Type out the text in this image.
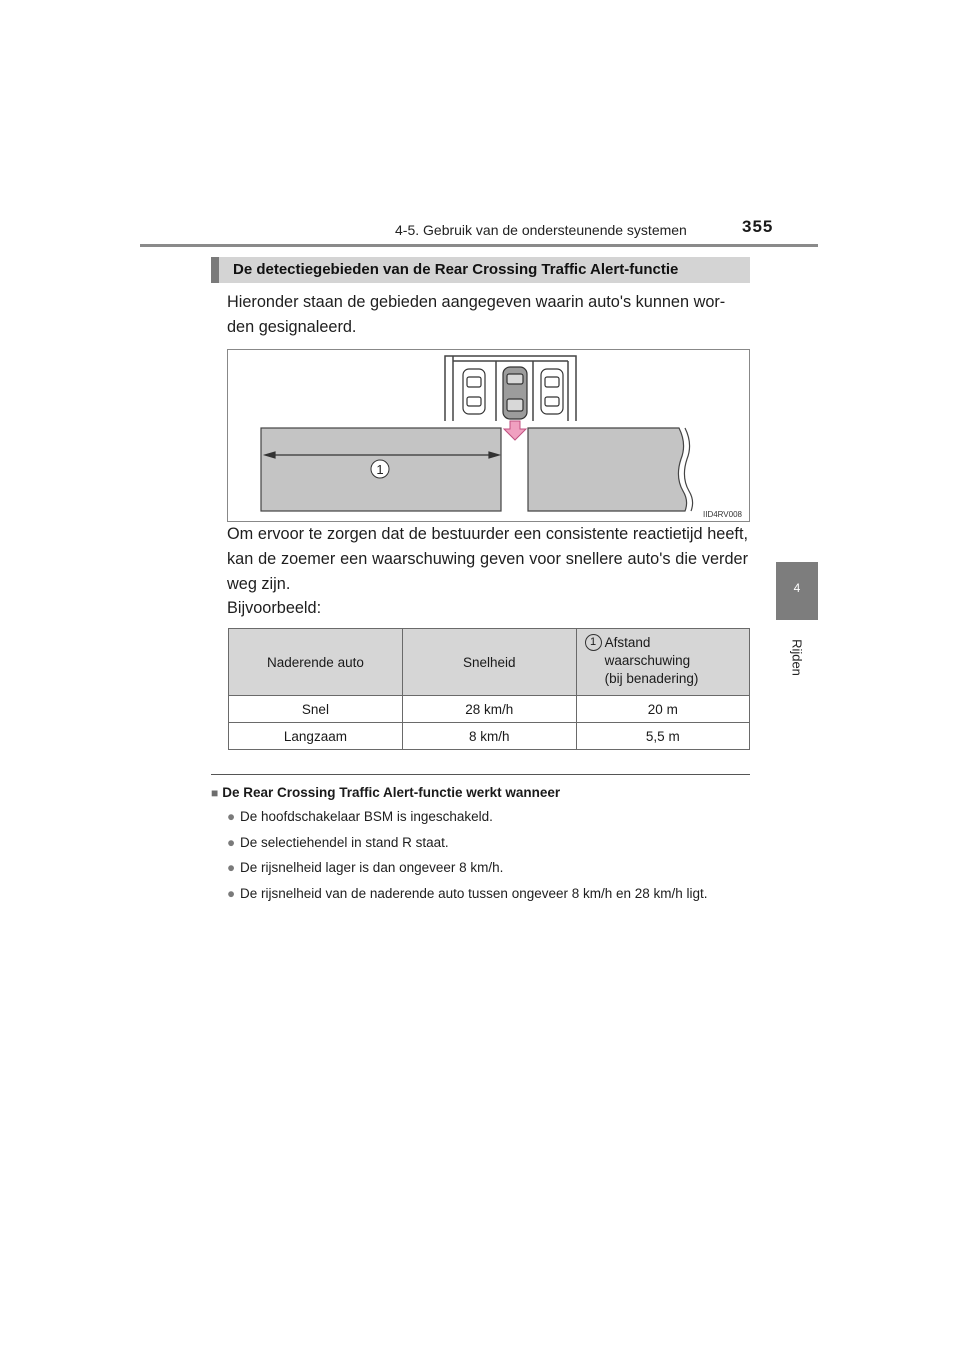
4-5. Gebruik van de ondersteunende systemen	355
4
Rijden
De detectiegebieden van de Rear Crossing Traffic Alert-functie
Hieronder staan de gebieden aangegeven waarin auto's kunnen wor-den gesignaleerd.
1
IID4RV008
Om ervoor te zorgen dat de bestuurder een consistente reactietijd heeft, kan de zoemer een waarschuwing geven voor snellere auto's die verder weg zijn.
Bijvoorbeeld:
Naderende auto	Snelheid	1 Afstand
waarschuwing
(bij benadering)

Snel	28 km/h	20 m
Langzaam	8 km/h	5,5 m
■ De Rear Crossing Traffic Alert-functie werkt wanneer
● De hoofdschakelaar BSM is ingeschakeld.
● De selectiehendel in stand R staat.
● De rijsnelheid lager is dan ongeveer 8 km/h.
● De rijsnelheid van de naderende auto tussen ongeveer 8 km/h en 28 km/h ligt.
